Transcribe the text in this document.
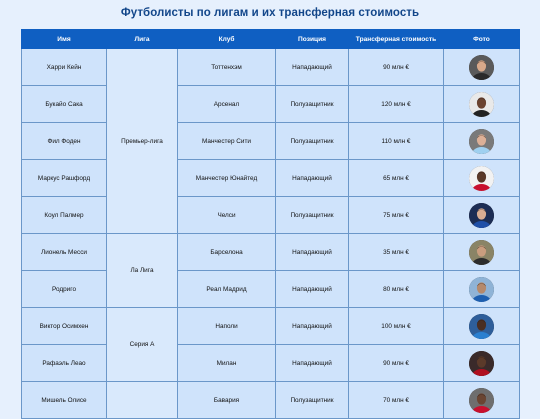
Футболисты по лигам и их трансферная стоимость
Имя	Лига	Клуб	Позиция	Трансферная стоимость	Фото
Харри Кейн	Премьер-лига	Тоттенхэм	Нападающий	90 млн €	

Букайо Сака		Арсенал	Полузащитник	120 млн €	

Фил Фоден		Манчестер Сити	Полузащитник	110 млн €	

Маркус Рашфорд		Манчестер Юнайтед	Нападающий	65 млн €	

Коул Палмер		Челси	Полузащитник	75 млн €	

Лионель Месси	Ла Лига	Барселона	Нападающий	35 млн €	

Родриго		Реал Мадрид	Нападающий	80 млн €	

Виктор Осимхен	Серия А	Наполи	Нападающий	100 млн €	

Рафаэль Леао		Милан	Нападающий	90 млн €	

Мишель Олисе		Бавария	Полузащитник	70 млн €	
